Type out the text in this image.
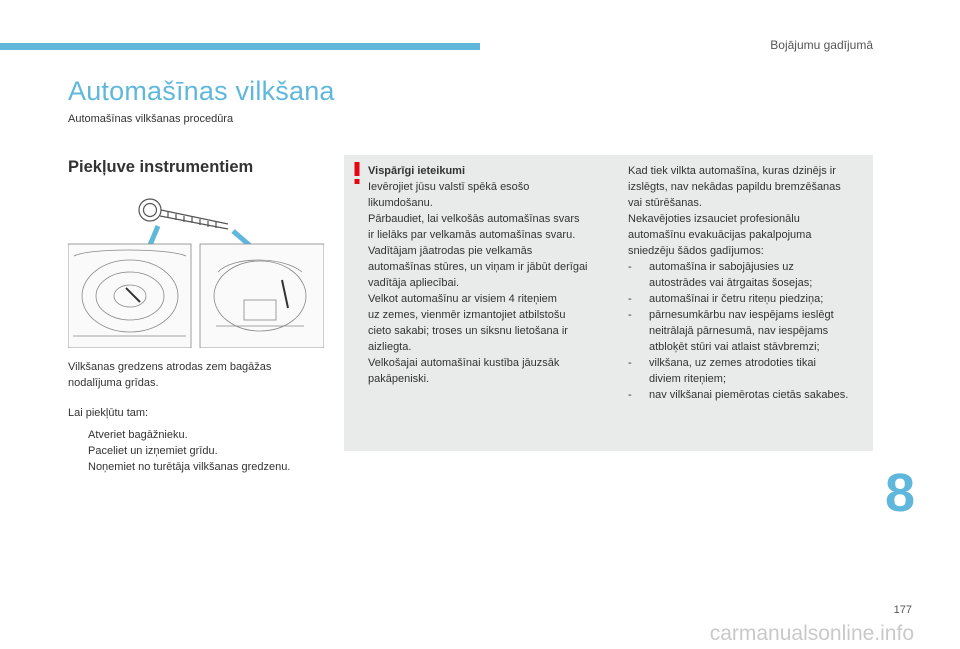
Bojājumu gadījumā
Automašīnas vilkšana
Automašīnas vilkšanas procedūra
Piekļuve instrumentiem
Vilkšanas gredzens atrodas zem bagāžas nodalījuma grīdas.
Lai piekļūtu tam:
Atveriet bagāžnieku.
Paceliet un izņemiet grīdu.
Noņemiet no turētāja vilkšanas gredzenu.
Vispārīgi ieteikumi
Ievērojiet jūsu valstī spēkā esošo
likumdošanu.
Pārbaudiet, lai velkošās automašīnas svars
ir lielāks par velkamās automašīnas svaru.
Vadītājam jāatrodas pie velkamās
automašīnas stūres, un viņam ir jābūt derīgai
vadītāja apliecībai.
Velkot automašīnu ar visiem 4 riteņiem
uz zemes, vienmēr izmantojiet atbilstošu
cieto sakabi; troses un siksnu lietošana ir
aizliegta.
Velkošajai automašīnai kustība jāuzsāk
pakāpeniski.
Kad tiek vilkta automašīna, kuras dzinējs ir
izslēgts, nav nekādas papildu bremzēšanas
vai stūrēšanas.
Nekavējoties izsauciet profesionālu
automašīnu evakuācijas pakalpojuma
sniedzēju šādos gadījumos:
- automašīna ir sabojājusies uz
autostrādes vai ātrgaitas šosejas;
- automašīnai ir četru riteņu piedziņa;
- pārnesumkārbu nav iespējams ieslēgt
neitrālajā pārnesumā, nav iespējams
atbloķēt stūri vai atlaist stāvbremzi;
- vilkšana, uz zemes atrodoties tikai
diviem riteņiem;
- nav vilkšanai piemērotas cietās sakabes.
8
177
carmanualsonline.info
